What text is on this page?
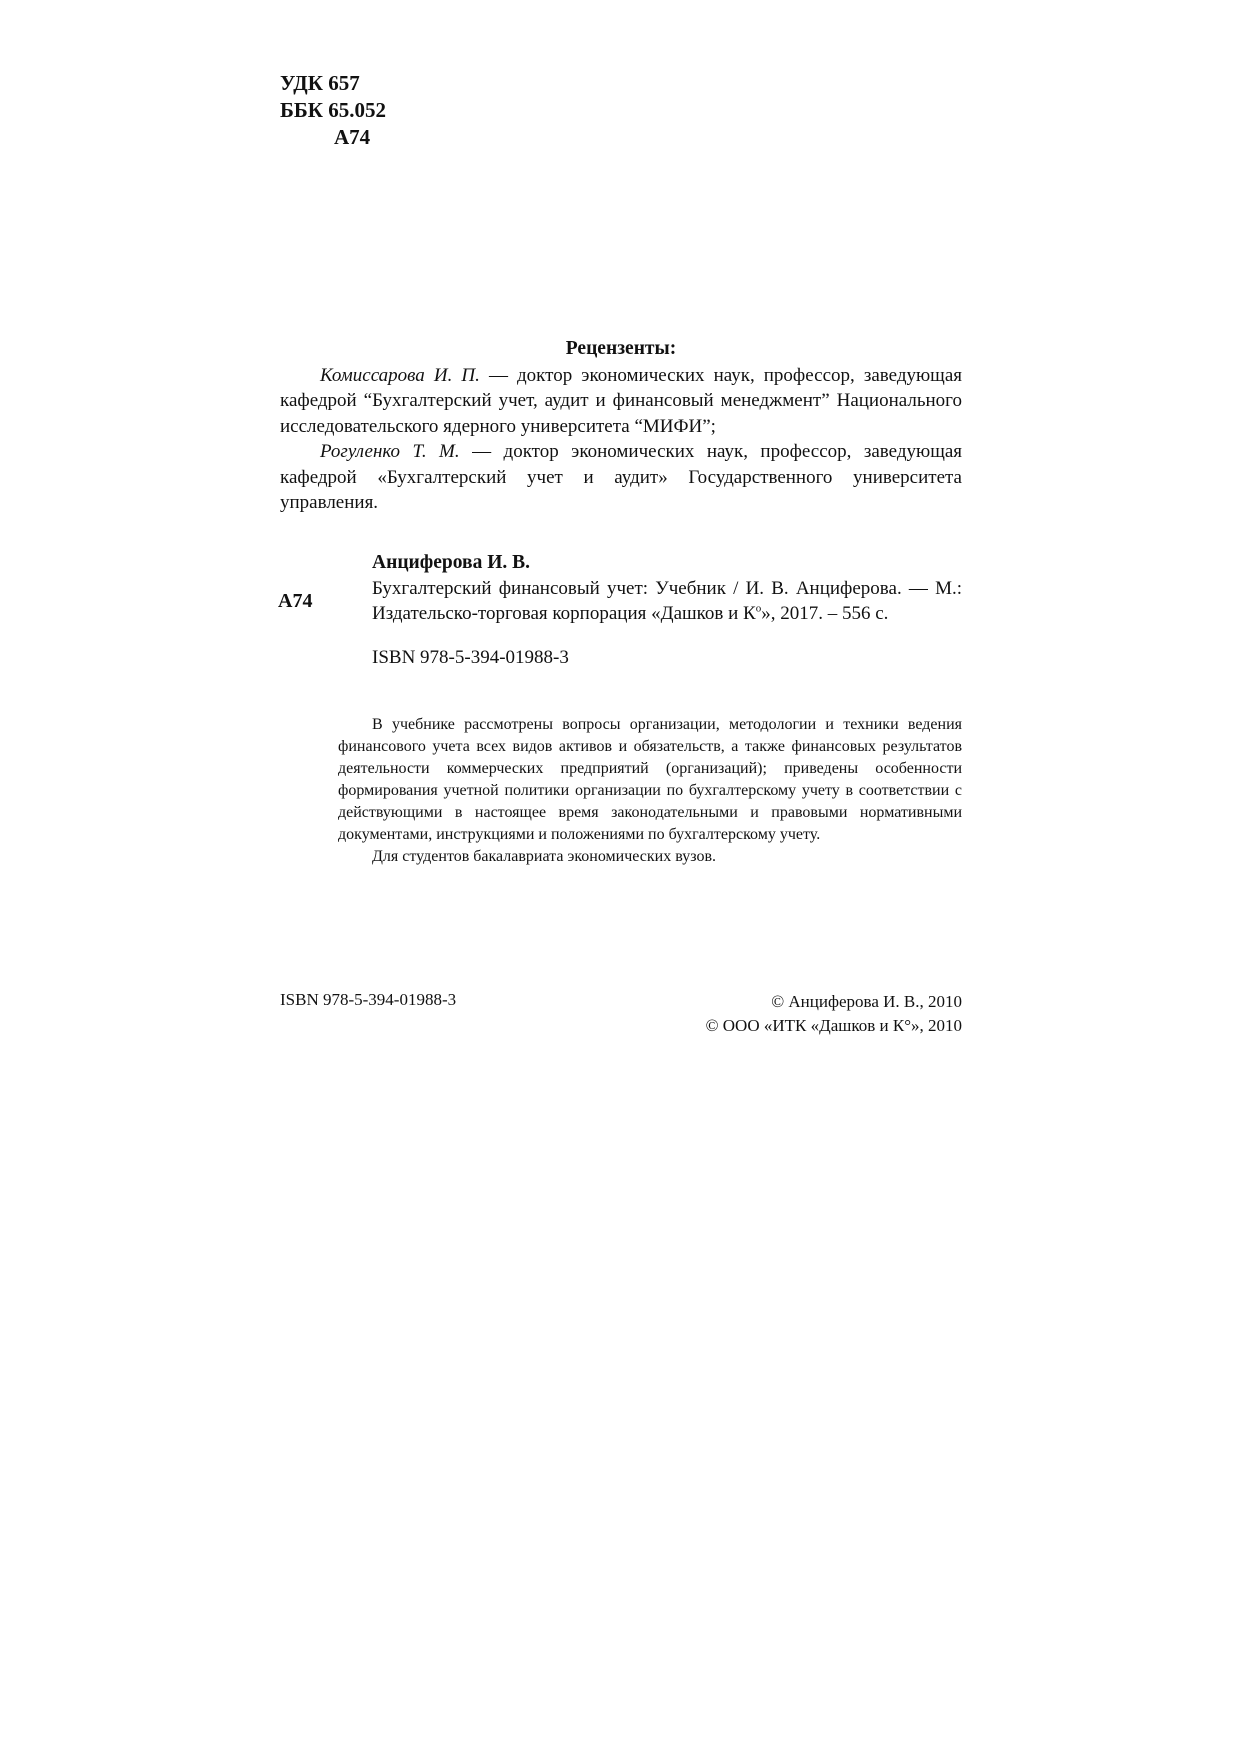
УДК 657
ББК 65.052
А74
Рецензенты:

Комиссарова И. П. — доктор экономических наук, профессор, заведующая кафедрой “Бухгалтерский учет, аудит и финансовый менеджмент” Национального исследовательского ядерного университета “МИФИ”;

Рогуленко Т. М. — доктор экономических наук, профессор, заведующая кафедрой «Бухгалтерский учет и аудит» Государственного университета управления.

А74

Анциферова И. В.

Бухгалтерский финансовый учет: Учебник / И. В. Анциферова. — М.: Издательско-торговая корпорация «Дашков и $К^о$», 2017. – 556 с.

ISBN 978-5-394-01988-3

В учебнике рассмотрены вопросы организации, методологии и техники ведения финансового учета всех видов активов и обязательств, а также финансовых результатов деятельности коммерческих предприятий (организаций); приведены особенности формирования учетной политики организации по бухгалтерскому учету в соответствии с действующими в настоящее время законодательными и правовыми нормативными документами, инструкциями и положениями по бухгалтерскому учету.

Для студентов бакалавриата экономических вузов.

ISBN 978-5-394-01988-3	© Анциферова И. В., 2010
© ООО «ИТК «Дашков и К°», 2010
